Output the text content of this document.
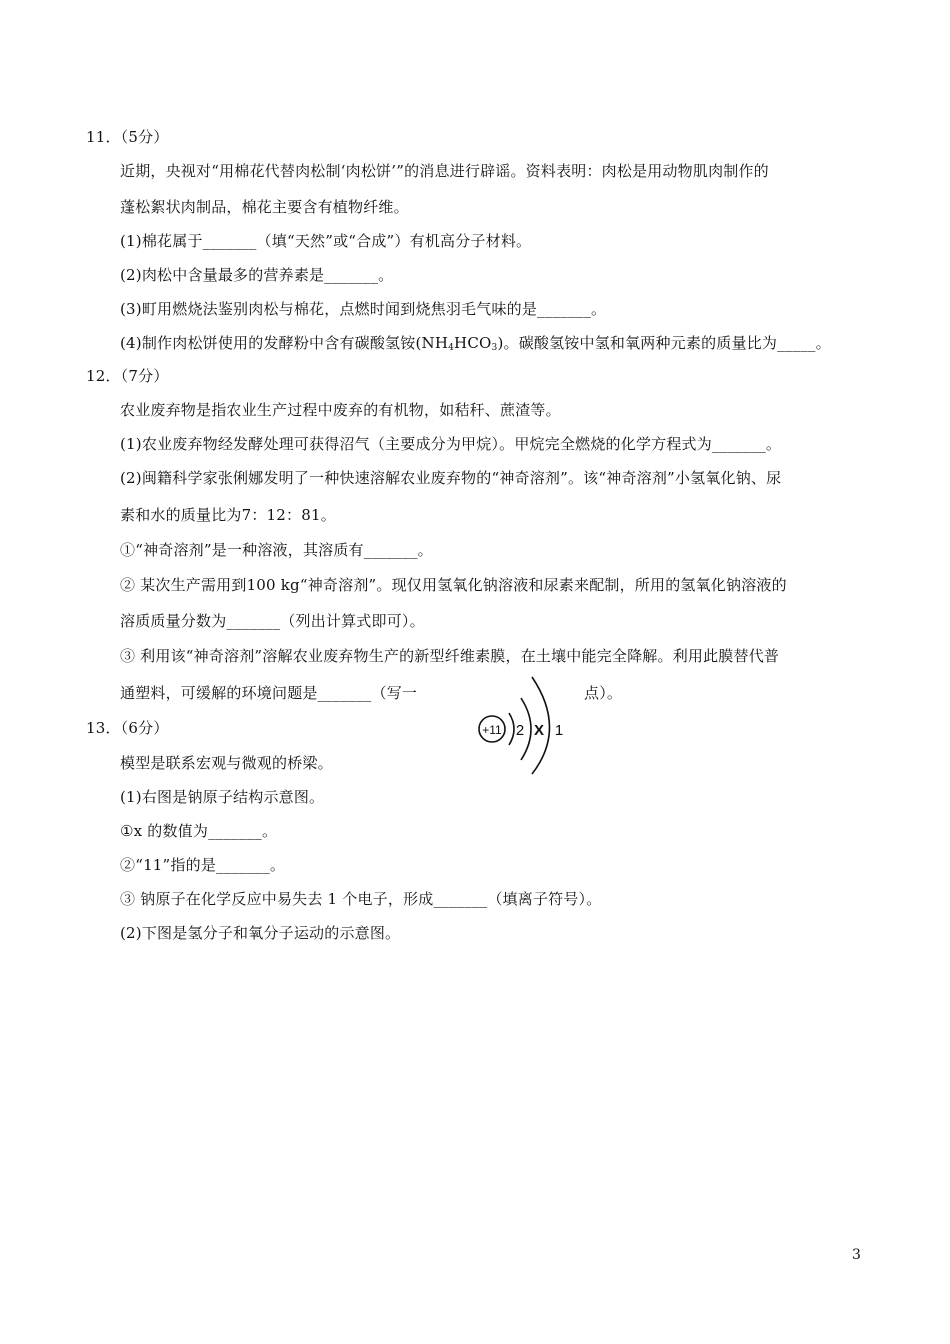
11．（5分）
近期，央视对“用棉花代替肉松制‘肉松饼’”的消息进行辟谣。资料表明：肉松是用动物肌肉制作的
蓬松絮状肉制品，棉花主要含有植物纤维。
(1)棉花属于_______（填“天然”或“合成”）有机高分子材料。
(2)肉松中含量最多的营养素是_______。
(3)町用燃烧法鉴别肉松与棉花，点燃时闻到烧焦羽毛气味的是_______。
(4)制作肉松饼使用的发酵粉中含有碳酸氢铵$(NH_4HCO_3)$。碳酸氢铵中氢和氧两种元素的质量比为_____。
12．（7分）
农业废弃物是指农业生产过程中废弃的有机物，如秸秆、蔗渣等。
(1)农业废弃物经发酵处理可获得沼气（主要成分为甲烷）。甲烷完全燃烧的化学方程式为_______。
(2)闽籍科学家张俐娜发明了一种快速溶解农业废弃物的“神奇溶剂”。该“神奇溶剂”小氢氧化钠、尿
素和水的质量比为7：12：81。
①“神奇溶剂”是一种溶液，其溶质有_______。
② 某次生产需用到100 kg“神奇溶剂”。现仅用氢氧化钠溶液和尿素来配制，所用的氢氧化钠溶液的
溶质质量分数为_______（列出计算式即可）。
③ 利用该“神奇溶剂”溶解农业废弃物生产的新型纤维素膜，在土壤中能完全降解。利用此膜替代普
通塑料，可缓解的环境问题是_______（写一	点）。
+11 2 X 1
13．（6分）
模型是联系宏观与微观的桥梁。
(1)右图是钠原子结构示意图。
①x 的数值为_______。
②“11”指的是_______。
③ 钠原子在化学反应中易失去 1 个电子，形成_______（填离子符号）。
(2)下图是氢分子和氧分子运动的示意图。
3
